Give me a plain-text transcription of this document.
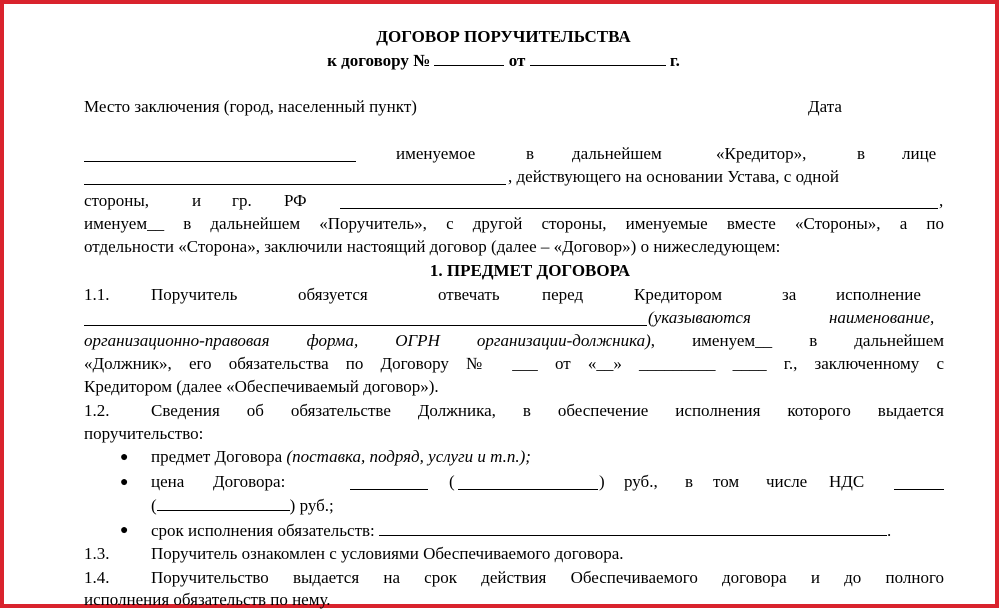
ДОГОВОР ПОРУЧИТЕЛЬСТВА
к договору №	от	г.
Место заключения (город, населенный пункт)	Дата
именуемое	в дальнейшем	«Кредитор»,	в лице
, действующего на основании Устава, с одной
стороны,	и гр. РФ	,
именуем__ в дальнейшем «Поручитель», с другой стороны, именуемые вместе «Стороны», а по
отдельности «Сторона», заключили настоящий договор (далее – «Договор») о нижеследующем:
1. ПРЕДМЕТ ДОГОВОРА
1.1. Поручитель	обязуется	отвечать перед	Кредитором	за исполнение
(указываются	наименование,
организационно-правовая форма, ОГРН организации-должника), именуем__ в дальнейшем
«Должник», его обязательства по Договору № ___ от «__» _________ ____ г., заключенному с
Кредитором (далее «Обеспечиваемый договор»).
1.2. Сведения об обязательстве Должника, в обеспечение исполнения которого выдается
поручительство:
● предмет Договора (поставка, подряд, услуги и т.п.);
● цена Договора:	(	) руб., в том числе НДС
(	) руб.;
● срок исполнения обязательств:	.
1.3. Поручитель ознакомлен с условиями Обеспечиваемого договора.
1.4. Поручительство выдается на срок действия Обеспечиваемого договора и до полного
исполнения обязательств по нему.
